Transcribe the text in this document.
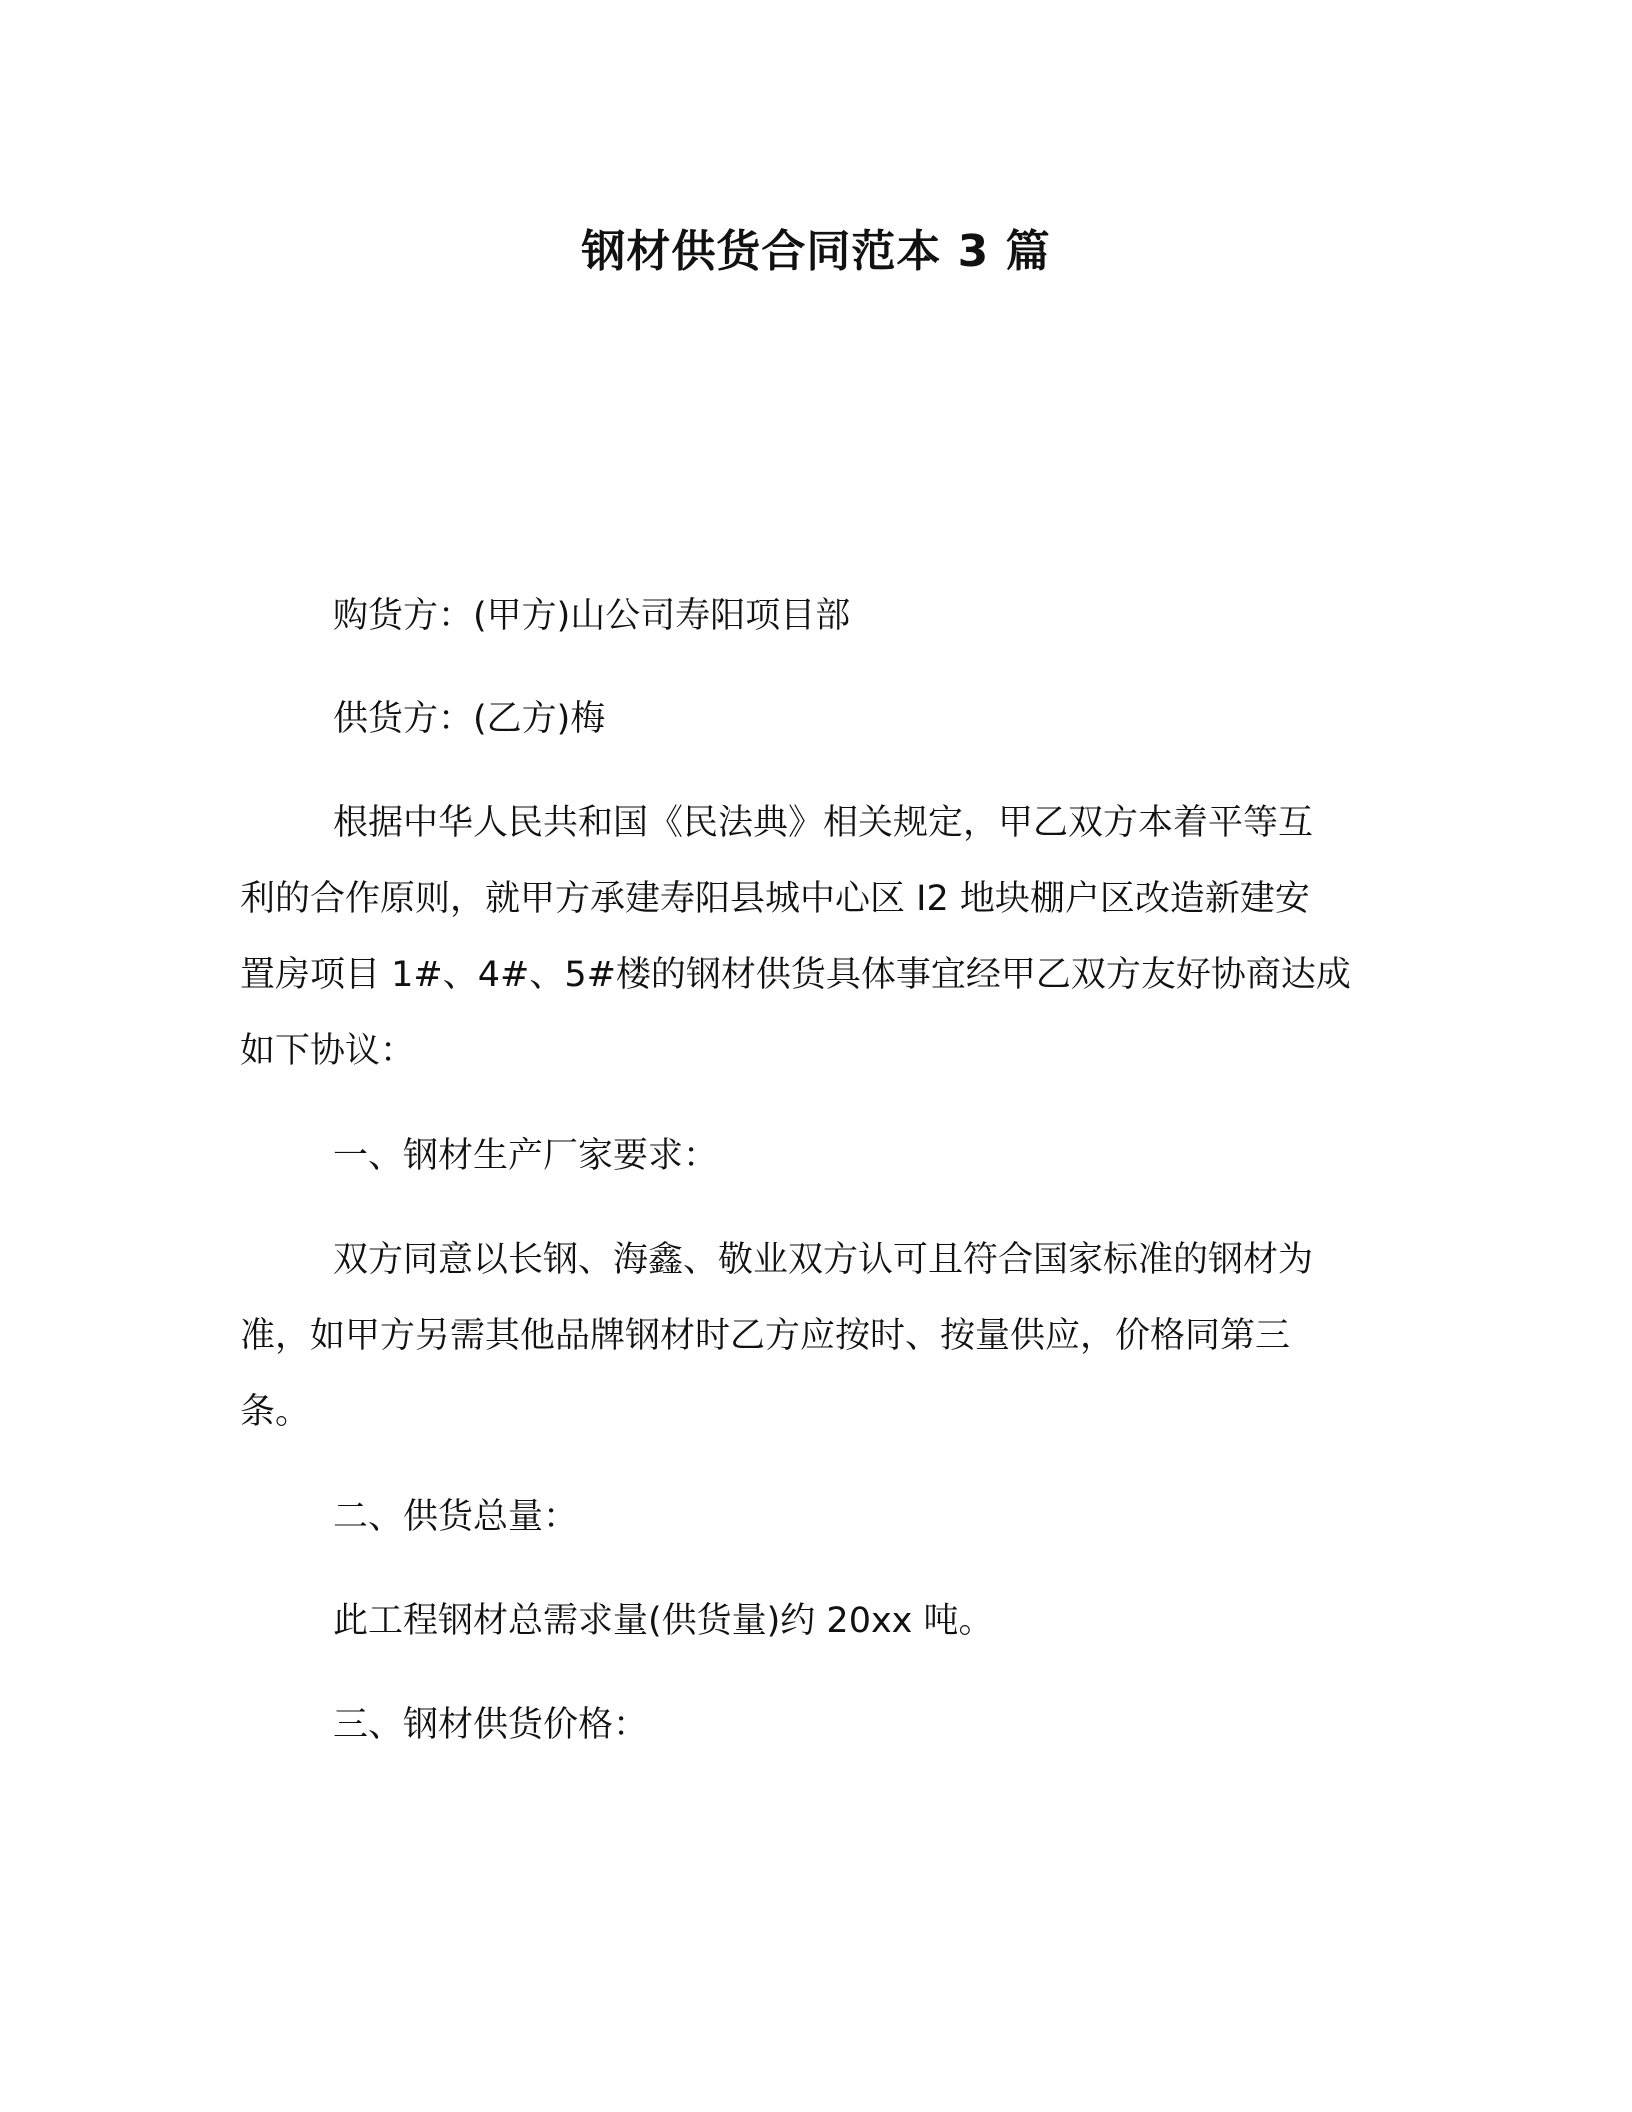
钢材供货合同范本 3 篇
购货方：(甲方)山公司寿阳项目部
供货方：(乙方)梅
根据中华人民共和国《民法典》相关规定，甲乙双方本着平等互
利的合作原则，就甲方承建寿阳县城中心区 I2 地块棚户区改造新建安
置房项目 1#、4#、5#楼的钢材供货具体事宜经甲乙双方友好协商达成
如下协议：
一、钢材生产厂家要求：
双方同意以长钢、海鑫、敬业双方认可且符合国家标准的钢材为
准，如甲方另需其他品牌钢材时乙方应按时、按量供应，价格同第三
条。
二、供货总量：
此工程钢材总需求量(供货量)约 20xx 吨。
三、钢材供货价格：
